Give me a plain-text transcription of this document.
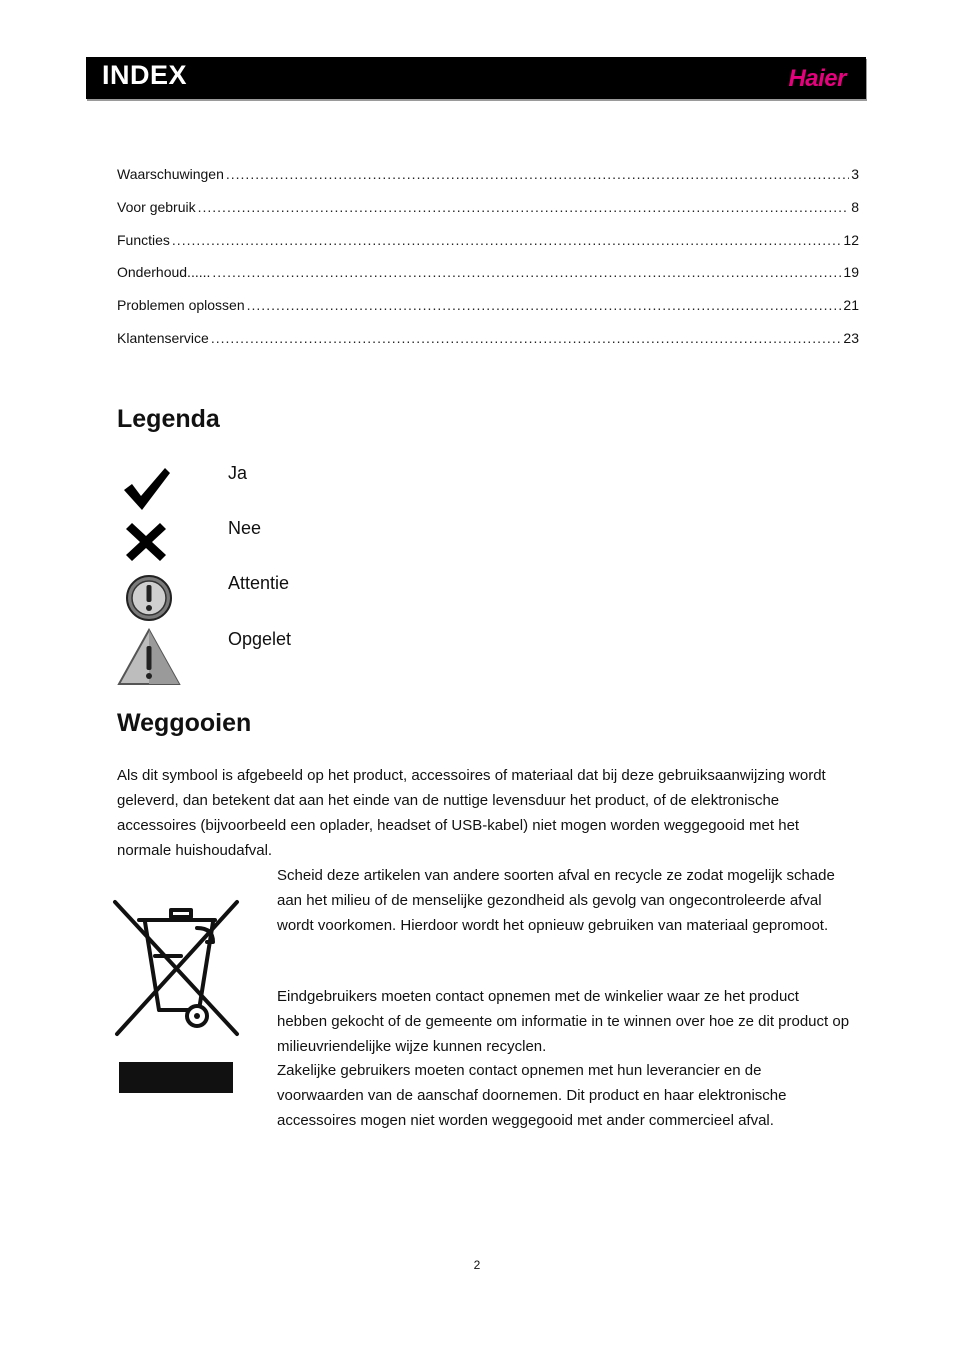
INDEX	Haier
Waarschuwingen .....	3
Voor gebruik .....	8
Functies .....	12
Onderhoud...... .....	19
Problemen oplossen .....	21
Klantenservice .....	23
Legenda
Ja
Nee
Attentie
Opgelet
Weggooien
Als dit symbool is afgebeeld op het product, accessoires of materiaal dat bij deze gebruiksaanwijzing wordt geleverd, dan betekent dat aan het einde van de nuttige levensduur het product, of de elektronische accessoires (bijvoorbeeld een oplader, headset of USB-kabel) niet mogen worden weggegooid met het normale huishoudafval.
Scheid deze artikelen van andere soorten afval en recycle ze zodat mogelijk schade aan het milieu of de menselijke gezondheid als gevolg van ongecontroleerde afval wordt voorkomen. Hierdoor wordt het opnieuw gebruiken van materiaal gepromoot.
Eindgebruikers moeten contact opnemen met de winkelier waar ze het product hebben gekocht of de gemeente om informatie in te winnen over hoe ze dit product op milieuvriendelijke wijze kunnen recyclen.
Zakelijke gebruikers moeten contact opnemen met hun leverancier en de voorwaarden van de aanschaf doornemen. Dit product en haar elektronische accessoires mogen niet worden weggegooid met ander commercieel afval.
2
